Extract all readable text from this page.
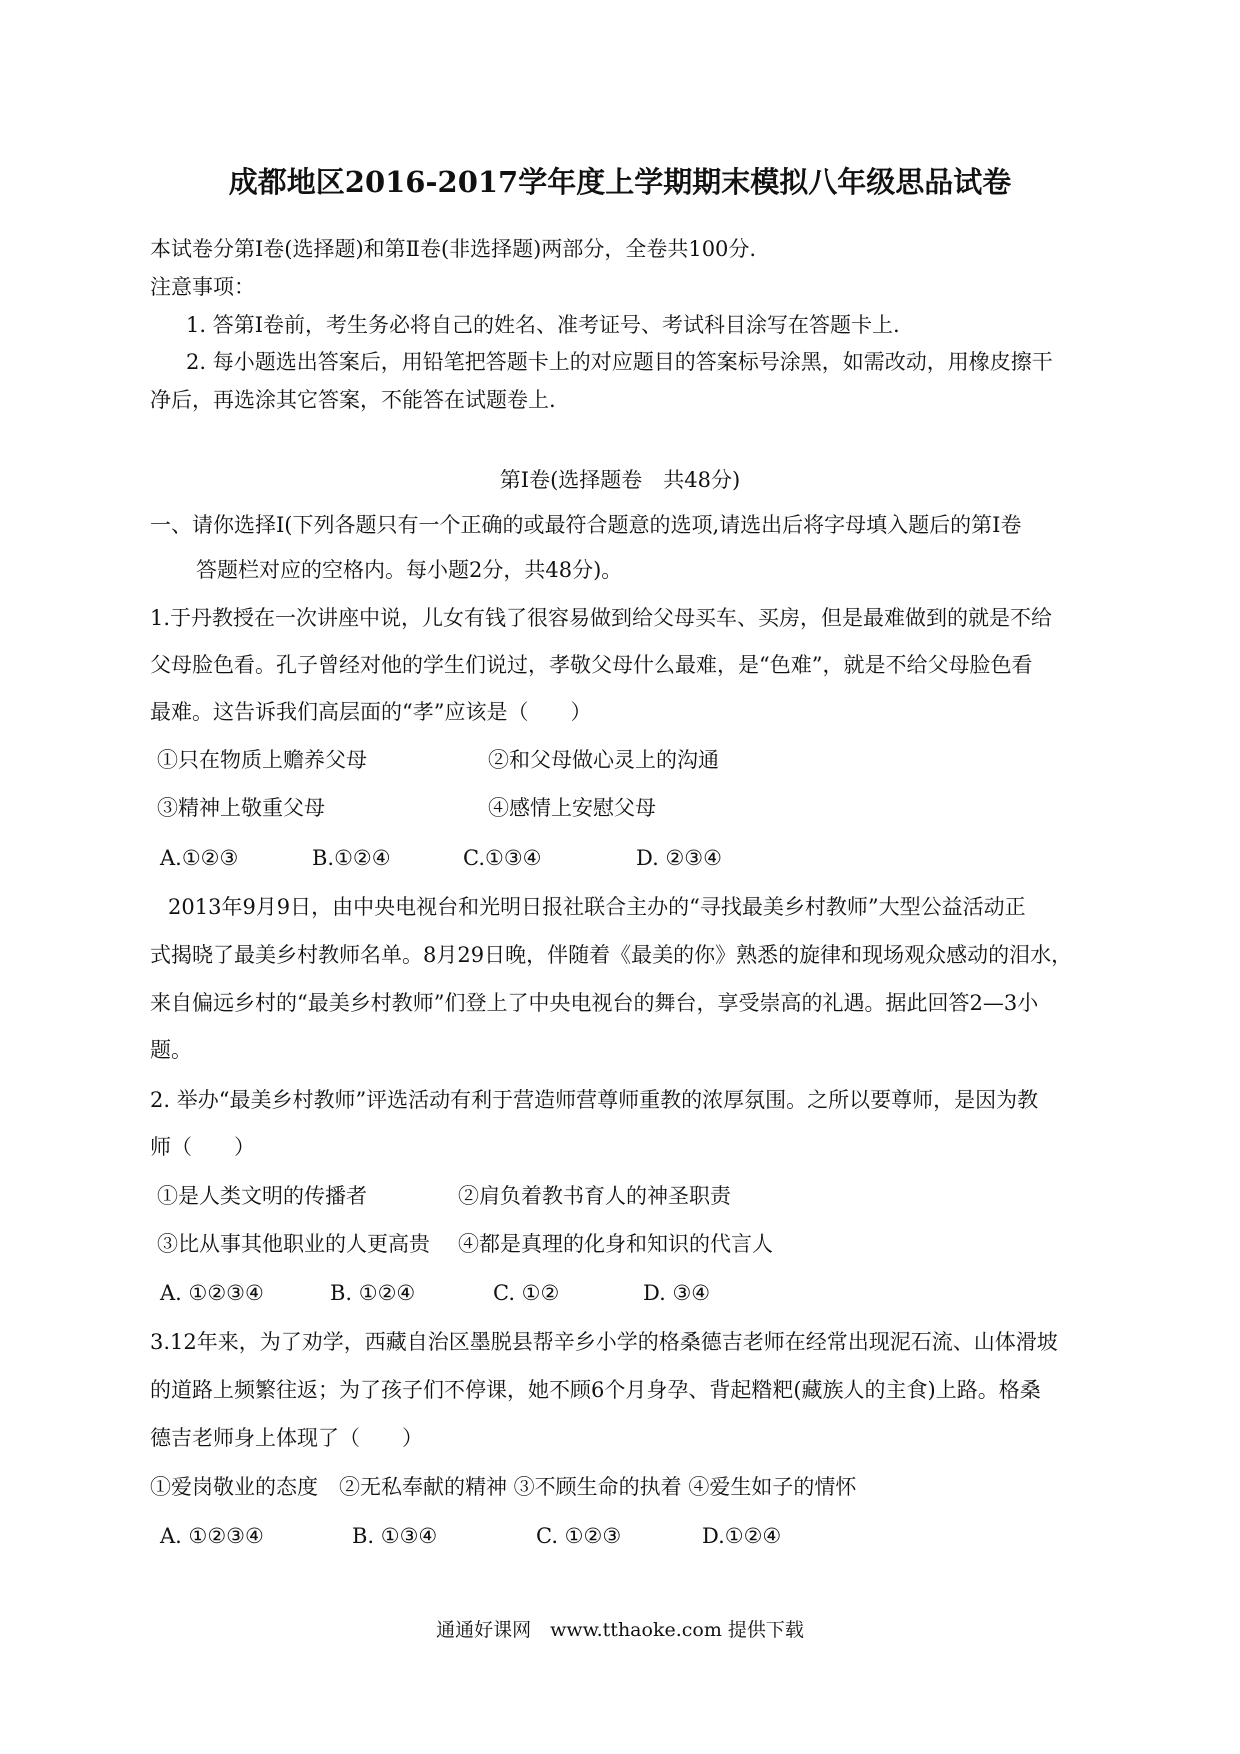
成都地区2016-2017学年度上学期期末模拟八年级思品试卷
本试卷分第Ⅰ卷(选择题)和第Ⅱ卷(非选择题)两部分，全卷共100分.
注意事项：
1. 答第Ⅰ卷前，考生务必将自己的姓名、准考证号、考试科目涂写在答题卡上.
2. 每小题选出答案后，用铅笔把答题卡上的对应题目的答案标号涂黑，如需改动，用橡皮擦干
净后，再选涂其它答案，不能答在试题卷上.
第Ⅰ卷(选择题卷　共48分)
一、请你选择Ⅰ(下列各题只有一个正确的或最符合题意的选项,请选出后将字母填入题后的第Ⅰ卷
答题栏对应的空格内。每小题2分，共48分)。
1.于丹教授在一次讲座中说，儿女有钱了很容易做到给父母买车、买房，但是最难做到的就是不给
父母脸色看。孔子曾经对他的学生们说过，孝敬父母什么最难，是“色难”，就是不给父母脸色看
最难。这告诉我们高层面的“孝”应该是（　　）
①只在物质上赡养父母	②和父母做心灵上的沟通
③精神上敬重父母	④感情上安慰父母
A.①②③	B.①②④	C.①③④	D. ②③④
2013年9月9日，由中央电视台和光明日报社联合主办的“寻找最美乡村教师”大型公益活动正
式揭晓了最美乡村教师名单。8月29日晚，伴随着《最美的你》熟悉的旋律和现场观众感动的泪水，
来自偏远乡村的“最美乡村教师”们登上了中央电视台的舞台，享受崇高的礼遇。据此回答2—3小
题。
2. 举办“最美乡村教师”评选活动有利于营造师营尊师重教的浓厚氛围。之所以要尊师，是因为教
师（　　）
①是人类文明的传播者	②肩负着教书育人的神圣职责
③比从事其他职业的人更高贵 ④都是真理的化身和知识的代言人
A. ①②③④	B. ①②④	C. ①②	D. ③④
3.12年来，为了劝学，西藏自治区墨脱县帮辛乡小学的格桑德吉老师在经常出现泥石流、山体滑坡
的道路上频繁往返；为了孩子们不停课，她不顾6个月身孕、背起糌粑(藏族人的主食)上路。格桑
德吉老师身上体现了（　　）
①爱岗敬业的态度　②无私奉献的精神 ③不顾生命的执着 ④爱生如子的情怀
A. ①②③④	B. ①③④	C. ①②③	D.①②④
通通好课网　www.tthaoke.com 提供下载
